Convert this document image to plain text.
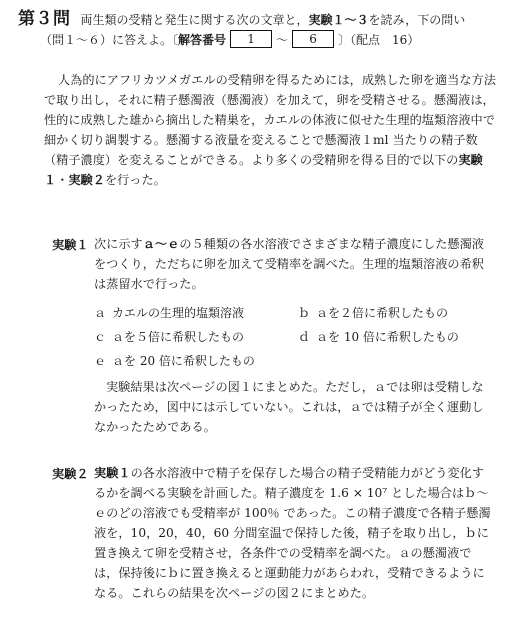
第３問 両生類の受精と発生に関する次の文章と， 実験１～３ を読み，下の問い
（問１～６）に答えよ。〔 解答番号	1	～	6	〕（配点　16）
人為的にアフリカツメガエルの受精卵を得るためには，成熟した卵を適当な方法で取り出し，それに精子懸濁液（懸濁液）を加えて，卵を受精させる。懸濁液は，性的に成熟した雄から摘出した精巣を，カエルの体液に似せた生理的塩類溶液中で細かく切り調製する。懸濁する液量を変えることで懸濁液１ml 当たりの精子数（精子濃度）を変えることができる。より多くの受精卵を得る目的で以下の実験１・実験２を行った。
実験１ 次に示すａ～ｅの５種類の各水溶液でさまざまな精子濃度にした懸濁液をつくり，ただちに卵を加えて受精率を調べた。生理的塩類溶液の希釈は蒸留水で行った。
ａ カエルの生理的塩類溶液	ｂ ａを２倍に希釈したもの
ｃ ａを５倍に希釈したもの	ｄ ａを 10 倍に希釈したもの
ｅ ａを 20 倍に希釈したもの
実験結果は次ページの図１にまとめた。ただし，ａでは卵は受精しなかったため，図中には示していない。これは，ａでは精子が全く運動しなかったためである。
実験２ 実験１の各水溶液中で精子を保存した場合の精子受精能力がどう変化するかを調べる実験を計画した。精子濃度を 1.6 × 10⁷ とした場合はｂ～ｅのどの溶液でも受精率が 100％ であった。この精子濃度で各精子懸濁液を，10，20，40，60 分間室温で保持した後，精子を取り出し，ｂに置き換えて卵を受精させ，各条件での受精率を調べた。ａの懸濁液では，保持後にｂに置き換えると運動能力があらわれ，受精できるようになる。これらの結果を次ページの図２にまとめた。
